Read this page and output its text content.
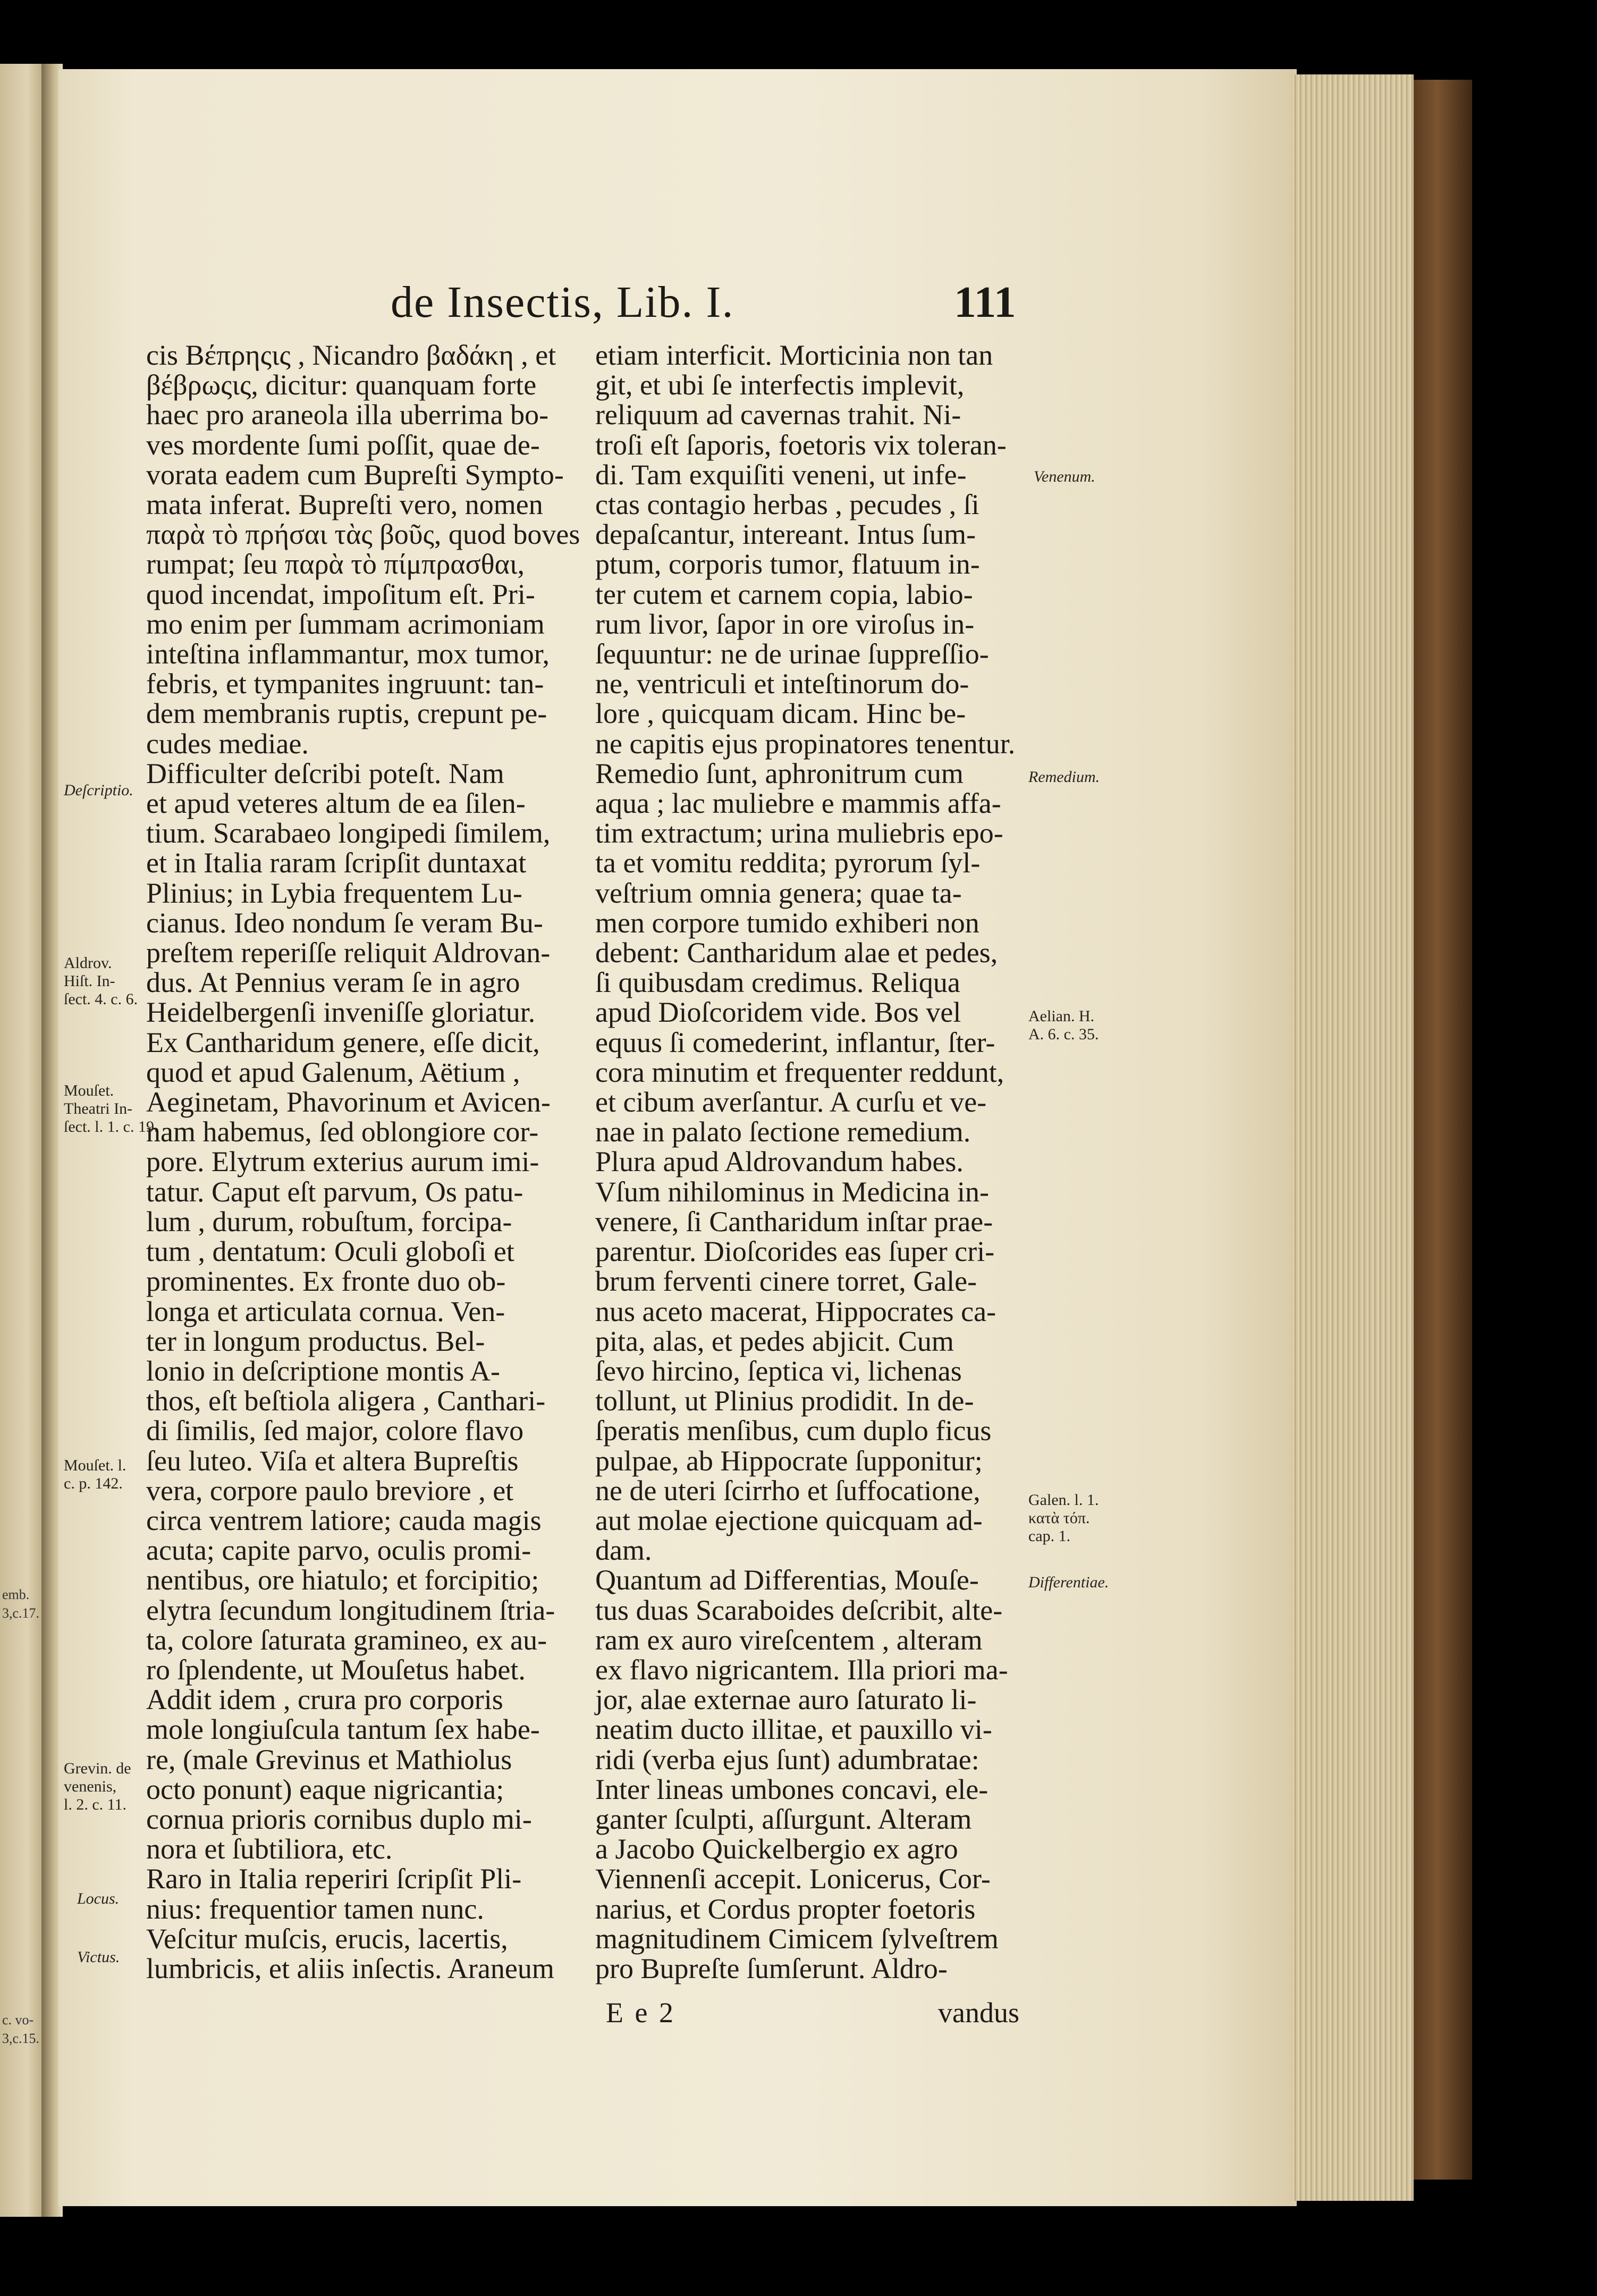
emb.
3,c.17.
c. vo-
3,c.15.
de Insectis, Lib. I.	111
cis Βέπρηςις , Nicandro βαδάκη , et
βέβρωςις, dicitur: quanquam forte
haec pro araneola illa uberrima bo-
ves mordente ſumi poſſit, quae de-
vorata eadem cum Bupreſti Sympto-
mata inferat. Bupreſti vero, nomen
παρὰ τὸ πρήσαι τὰς βοῦς, quod boves
rumpat; ſeu παρὰ τὸ πίμπρασθαι,
quod incendat, impoſitum eſt. Pri-
mo enim per ſummam acrimoniam
inteſtina inflammantur, mox tumor,
febris, et tympanites ingruunt: tan-
dem membranis ruptis, crepunt pe-
cudes mediae.
Difficulter deſcribi poteſt. Nam
et apud veteres altum de ea ſilen-
tium. Scarabaeo longipedi ſimilem,
et in Italia raram ſcripſit duntaxat
Plinius; in Lybia frequentem Lu-
cianus. Ideo nondum ſe veram Bu-
preſtem reperiſſe reliquit Aldrovan-
dus. At Pennius veram ſe in agro
Heidelbergenſi inveniſſe gloriatur.
Ex Cantharidum genere, eſſe dicit,
quod et apud Galenum, Aëtium ,
Aeginetam, Phavorinum et Avicen-
nam habemus, ſed oblongiore cor-
pore. Elytrum exterius aurum imi-
tatur. Caput eſt parvum, Os patu-
lum , durum, robuſtum, forcipa-
tum , dentatum: Oculi globoſi et
prominentes. Ex fronte duo ob-
longa et articulata cornua. Ven-
ter in longum productus. Bel-
lonio in deſcriptione montis A-
thos, eſt beſtiola aligera , Canthari-
di ſimilis, ſed major, colore flavo
ſeu luteo. Viſa et altera Bupreſtis
vera, corpore paulo breviore , et
circa ventrem latiore; cauda magis
acuta; capite parvo, oculis promi-
nentibus, ore hiatulo; et forcipitio;
elytra ſecundum longitudinem ſtria-
ta, colore ſaturata gramineo, ex au-
ro ſplendente, ut Mouſetus habet.
Addit idem , crura pro corporis
mole longiuſcula tantum ſex habe-
re, (male Grevinus et Mathiolus
octo ponunt) eaque nigricantia;
cornua prioris cornibus duplo mi-
nora et ſubtiliora, etc.
Raro in Italia reperiri ſcripſit Pli-
nius: frequentior tamen nunc.
Veſcitur muſcis, erucis, lacertis,
lumbricis, et aliis inſectis. Araneum
etiam interficit. Morticinia non tan
git, et ubi ſe interfectis implevit,
reliquum ad cavernas trahit. Ni-
troſi eſt ſaporis, foetoris vix toleran-
di. Tam exquiſiti veneni, ut infe-
ctas contagio herbas , pecudes , ſi
depaſcantur, intereant. Intus ſum-
ptum, corporis tumor, flatuum in-
ter cutem et carnem copia, labio-
rum livor, ſapor in ore viroſus in-
ſequuntur: ne de urinae ſuppreſſio-
ne, ventriculi et inteſtinorum do-
lore , quicquam dicam. Hinc be-
ne capitis ejus propinatores tenentur.
Remedio ſunt, aphronitrum cum
aqua ; lac muliebre e mammis affa-
tim extractum; urina muliebris epo-
ta et vomitu reddita; pyrorum ſyl-
veſtrium omnia genera; quae ta-
men corpore tumido exhiberi non
debent: Cantharidum alae et pedes,
ſi quibusdam credimus. Reliqua
apud Dioſcoridem vide. Bos vel
equus ſi comederint, inflantur, ſter-
cora minutim et frequenter reddunt,
et cibum averſantur. A curſu et ve-
nae in palato ſectione remedium.
Plura apud Aldrovandum habes.
Vſum nihilominus in Medicina in-
venere, ſi Cantharidum inſtar prae-
parentur. Dioſcorides eas ſuper cri-
brum ferventi cinere torret, Gale-
nus aceto macerat, Hippocrates ca-
pita, alas, et pedes abjicit. Cum
ſevo hircino, ſeptica vi, lichenas
tollunt, ut Plinius prodidit. In de-
ſperatis menſibus, cum duplo ficus
pulpae, ab Hippocrate ſupponitur;
ne de uteri ſcirrho et ſuffocatione,
aut molae ejectione quicquam ad-
dam.
Quantum ad Differentias, Mouſe-
tus duas Scaraboides deſcribit, alte-
ram ex auro vireſcentem , alteram
ex flavo nigricantem. Illa priori ma-
jor, alae externae auro ſaturato li-
neatim ducto illitae, et pauxillo vi-
ridi (verba ejus ſunt) adumbratae:
Inter lineas umbones concavi, ele-
ganter ſculpti, aſſurgunt. Alteram
a Jacobo Quickelbergio ex agro
Viennenſi accepit. Lonicerus, Cor-
narius, et Cordus propter foetoris
magnitudinem Cimicem ſylveſtrem
pro Bupreſte ſumſerunt. Aldro-
Deſcriptio.
Aldrov.
Hiſt. In-
ſect. 4. c. 6.
Mouſet.
Theatri In-
ſect. l. 1. c. 19.
Mouſet. l.
c. p. 142.
Grevin. de
venenis,
l. 2. c. 11.
Locus.
Victus.
Venenum.
Remedium.
Aelian. H.
A. 6. c. 35.
Galen. l. 1.
κατὰ τόπ.
cap. 1.
Differentiae.
E e 2	vandus
